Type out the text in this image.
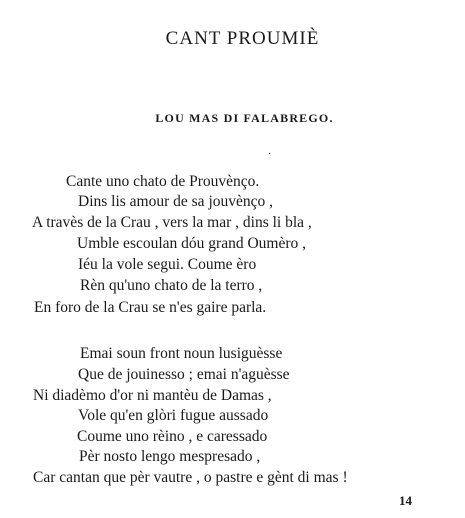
CANT PROUMIÈ
LOU MAS DI FALABREGO.
·
Cante uno chato de Prouvènço.
Dins lis amour de sa jouvènço ,
A travès de la Crau , vers la mar , dins li bla ,
Umble escoulan dóu grand Oumèro ,
Iéu la vole segui. Coume èro
Rèn qu'uno chato de la terro ,
En foro de la Crau se n'es gaire parla.
Emai soun front noun lusiguèsse
Que de jouinesso ; emai n'aguèsse
Ni diadèmo d'or ni mantèu de Damas ,
Vole qu'en glòri fugue aussado
Coume uno rèino , e caressado
Pèr nosto lengo mespresado ,
Car cantan que pèr vautre , o pastre e gènt di mas !
14
